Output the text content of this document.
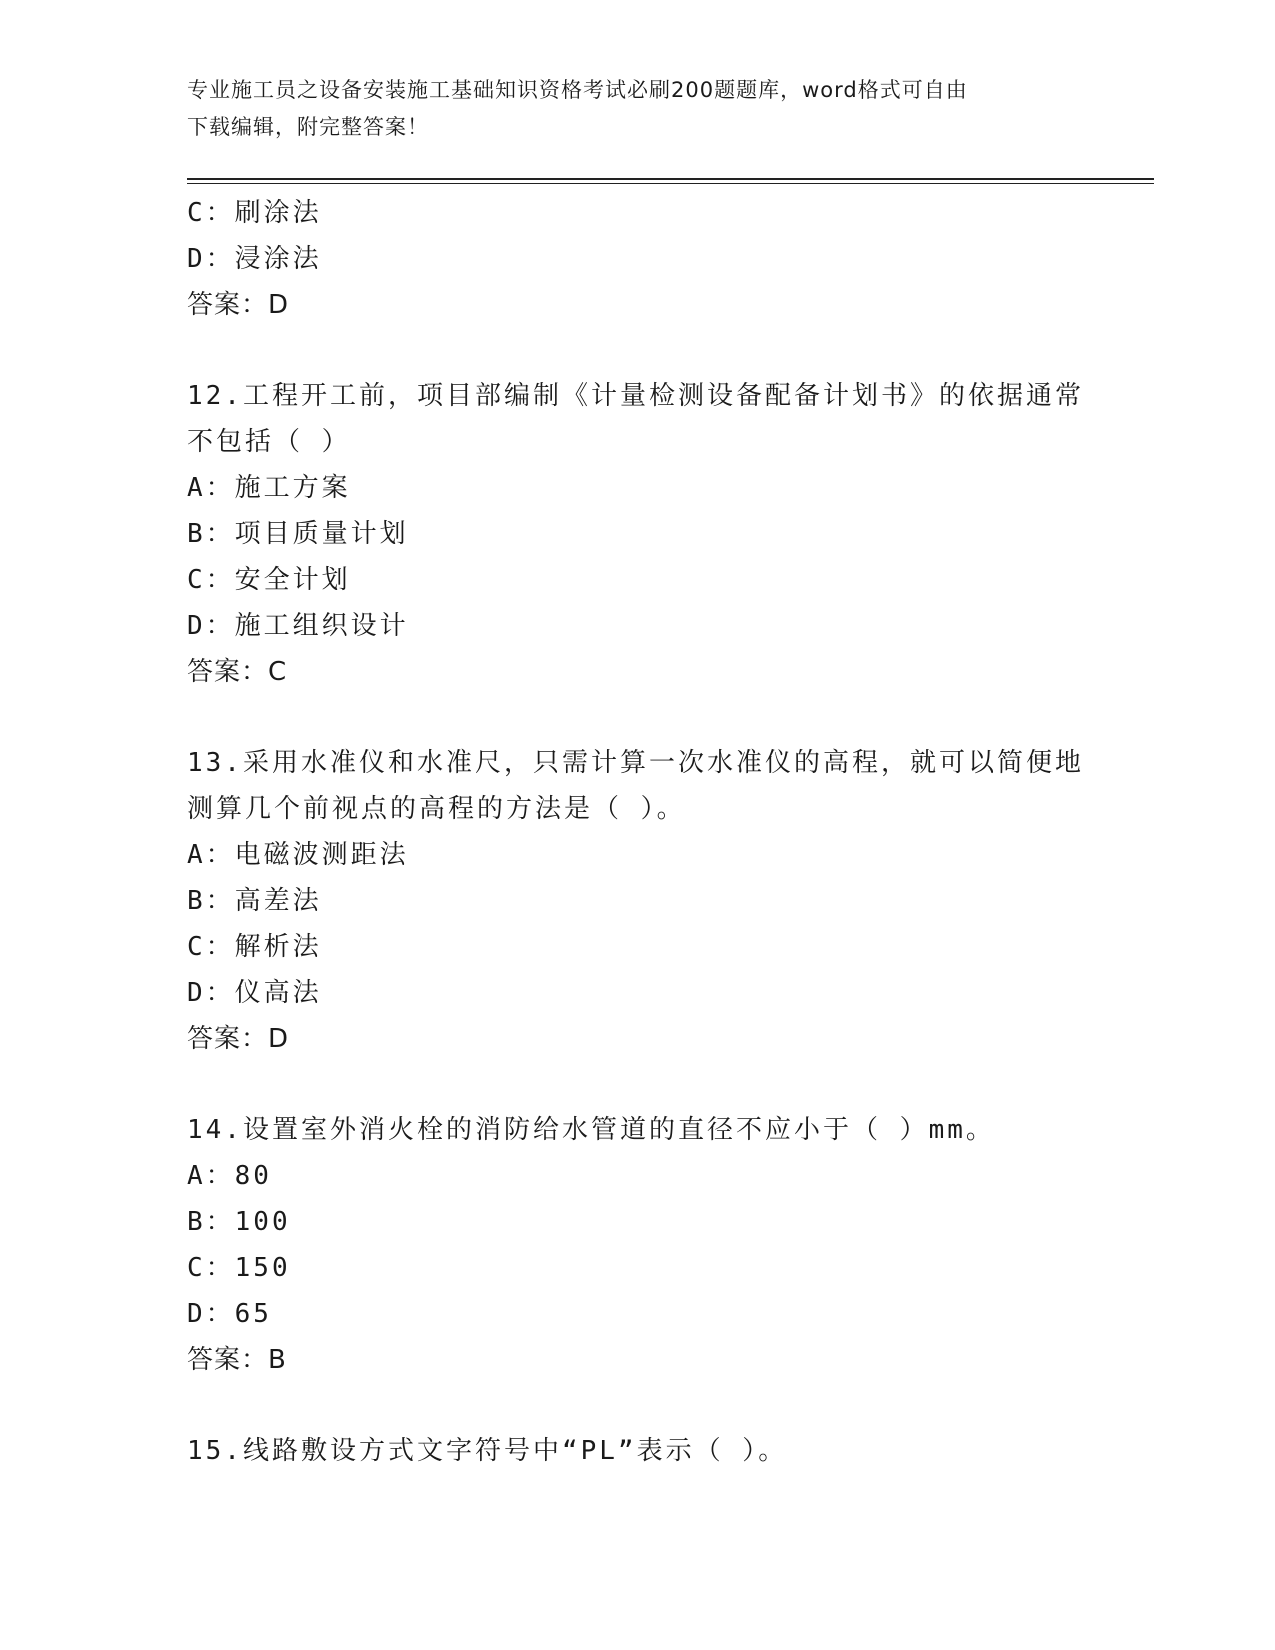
专业施工员之设备安装施工基础知识资格考试必刷200题题库，word格式可自由
下载编辑，附完整答案！
C：刷涂法
D：浸涂法
答案：D
12.工程开工前，项目部编制《计量检测设备配备计划书》的依据通常
不包括（ ）
A：施工方案
B：项目质量计划
C：安全计划
D：施工组织设计
答案：C
13.采用水准仪和水准尺，只需计算一次水准仪的高程，就可以简便地
测算几个前视点的高程的方法是（ ）。
A：电磁波测距法
B：高差法
C：解析法
D：仪高法
答案：D
14.设置室外消火栓的消防给水管道的直径不应小于（ ）mm。
A：80
B：100
C：150
D：65
答案：B
15.线路敷设方式文字符号中“PL”表示（ ）。
